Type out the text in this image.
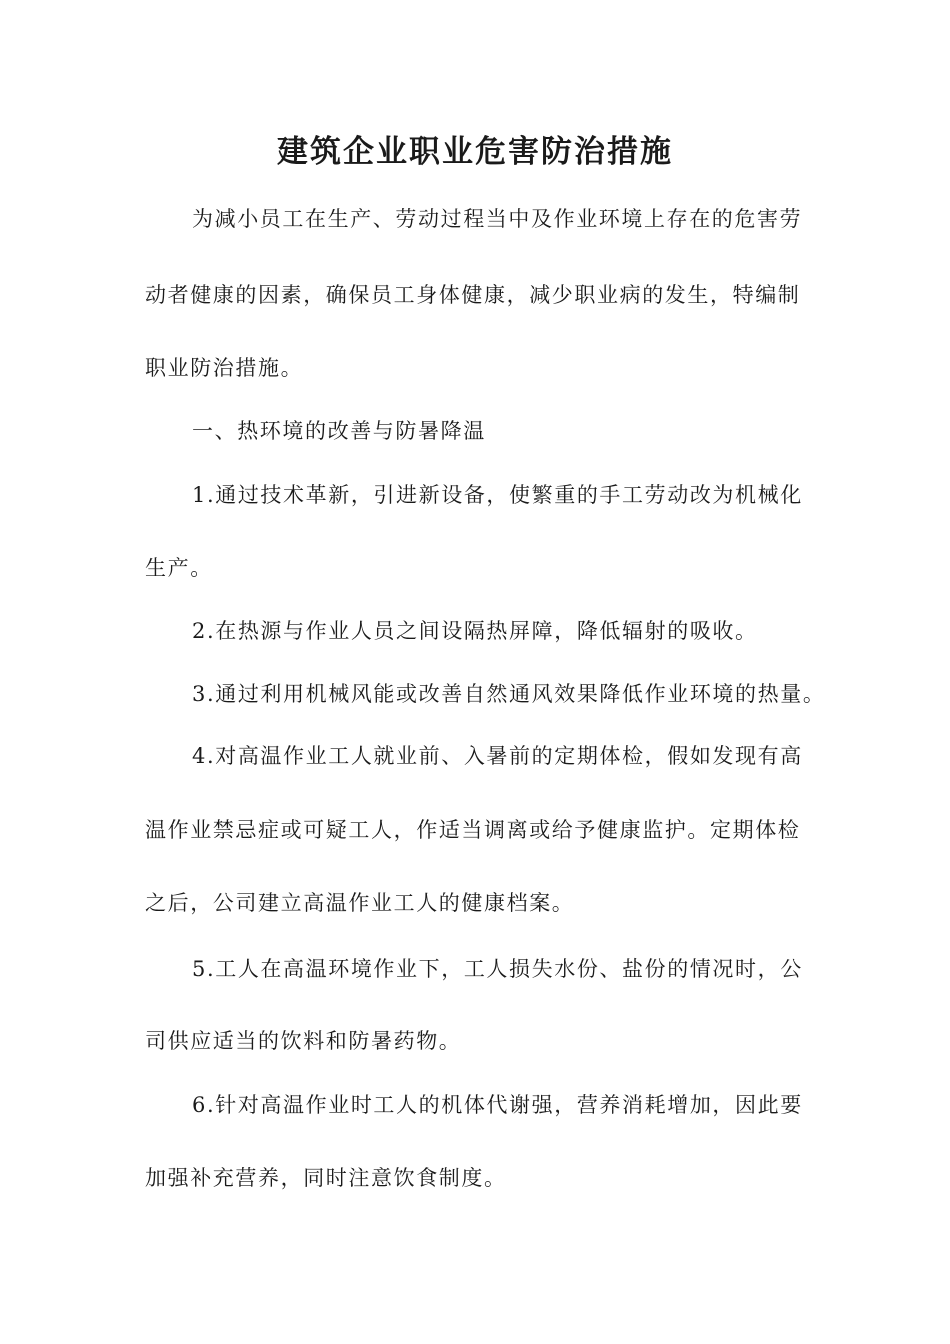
建筑企业职业危害防治措施
为减小员工在生产、劳动过程当中及作业环境上存在的危害劳
动者健康的因素，确保员工身体健康，减少职业病的发生，特编制
职业防治措施。
一、热环境的改善与防暑降温
1.通过技术革新，引进新设备，使繁重的手工劳动改为机械化
生产。
2.在热源与作业人员之间设隔热屏障，降低辐射的吸收。
3.通过利用机械风能或改善自然通风效果降低作业环境的热量。
4.对高温作业工人就业前、入暑前的定期体检，假如发现有高
温作业禁忌症或可疑工人，作适当调离或给予健康监护。定期体检
之后，公司建立高温作业工人的健康档案。
5.工人在高温环境作业下，工人损失水份、盐份的情况时，公
司供应适当的饮料和防暑药物。
6.针对高温作业时工人的机体代谢强，营养消耗增加，因此要
加强补充营养，同时注意饮食制度。
